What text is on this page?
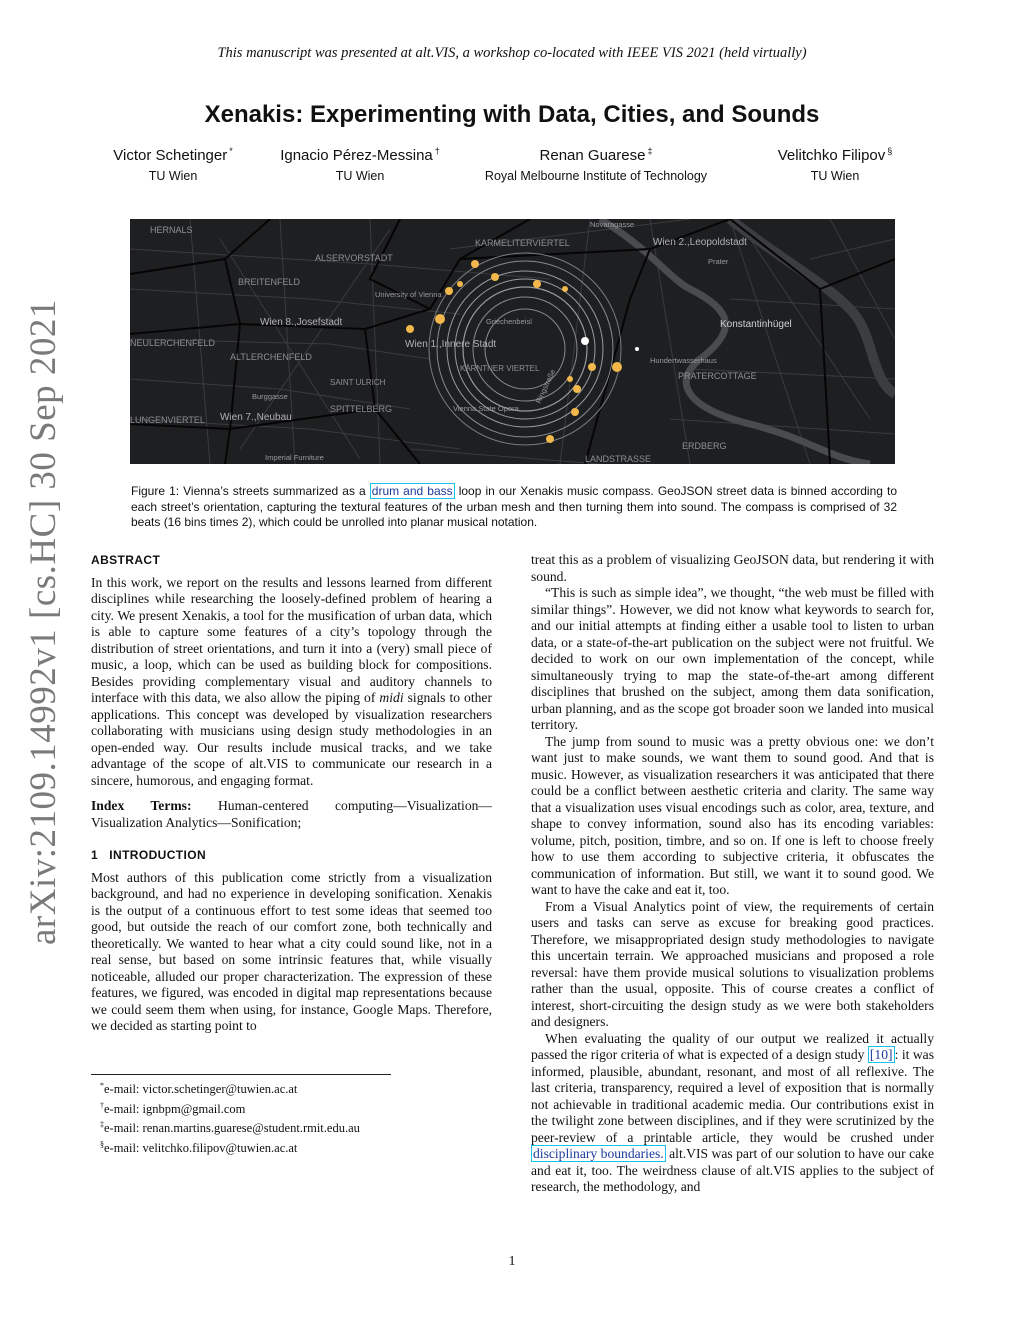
This manuscript was presented at alt.VIS, a workshop co-located with IEEE VIS 2021 (held virtually)
Xenakis: Experimenting with Data, Cities, and Sounds
Victor Schetinger *
TU Wien
Ignacio Pérez-Messina †
TU Wien
Renan Guarese ‡
Royal Melbourne Institute of Technology
Velitchko Filipov §
TU Wien
arXiv:2109.14992v1 [cs.HC] 30 Sep 2021
HERNALS
ALSERVORSTADT
KARMELITERVIERTEL
BREITENFELD
NEULERCHENFELD
ALTLERCHENFELD
SAINT ULRICH
SPITTELBERG
LUNGENVIERTEL
PRATERCOTTAGE
LANDSTRASSE
ERDBERG
KÄRNTNER VIERTEL
Wien 2.,Leopoldstadt
Wien 8.,Josefstadt
Wien 1.,Innere Stadt
Wien 7.,Neubau
Konstantinhügel
University of Vienna
Griechenbeisl
Vienna State Opera
Hundertwasserhaus
Prater
Burggasse
Imperial Furniture
Novaragasse
Ringstraße
Figure 1: Vienna’s streets summarized as a drum and bass loop in our Xenakis music compass. GeoJSON street data is binned according to each street’s orientation, capturing the textural features of the urban mesh and then turning them into sound. The compass is comprised of 32 beats (16 bins times 2), which could be unrolled into planar musical notation.

ABSTRACT

In this work, we report on the results and lessons learned from different disciplines while researching the loosely-defined problem of hearing a city. We present Xenakis, a tool for the musification of urban data, which is able to capture some features of a city’s topology through the distribution of street orientations, and turn it into a (very) small piece of music, a loop, which can be used as building block for compositions. Besides providing complementary visual and auditory channels to interface with this data, we also allow the piping of midi signals to other applications. This concept was developed by visualization researchers collaborating with musicians using design study methodologies in an open-ended way. Our results include musical tracks, and we take advantage of the scope of alt.VIS to communicate our research in a sincere, humorous, and engaging format.

Index Terms: Human-centered computing—Visualization—Visualization Analytics—Sonification;

1 INTRODUCTION

Most authors of this publication come strictly from a visualization background, and had no experience in developing sonification. Xenakis is the output of a continuous effort to test some ideas that seemed too good, but outside the reach of our comfort zone, both technically and theoretically. We wanted to hear what a city could sound like, not in a real sense, but based on some intrinsic features that, while visually noticeable, alluded our proper characterization. The expression of these features, we figured, was encoded in digital map representations because we could seem them when using, for instance, Google Maps. Therefore, we decided as starting point to

*e-mail: victor.schetinger@tuwien.ac.at
†e-mail: ignbpm@gmail.com
‡e-mail: renan.martins.guarese@student.rmit.edu.au
§e-mail: velitchko.filipov@tuwien.ac.at

treat this as a problem of visualizing GeoJSON data, but rendering it with sound.

“This is such as simple idea”, we thought, “the web must be filled with similar things”. However, we did not know what keywords to search for, and our initial attempts at finding either a usable tool to listen to urban data, or a state-of-the-art publication on the subject were not fruitful. We decided to work on our own implementation of the concept, while simultaneously trying to map the state-of-the-art among different disciplines that brushed on the subject, among them data sonification, urban planning, and as the scope got broader soon we landed into musical territory.

The jump from sound to music was a pretty obvious one: we don’t want just to make sounds, we want them to sound good. And that is music. However, as visualization researchers it was anticipated that there could be a conflict between aesthetic criteria and clarity. The same way that a visualization uses visual encodings such as color, area, texture, and shape to convey information, sound also has its encoding variables: volume, pitch, position, timbre, and so on. If one is left to choose freely how to use them according to subjective criteria, it obfuscates the communication of information. But still, we want it to sound good. We want to have the cake and eat it, too.

From a Visual Analytics point of view, the requirements of certain users and tasks can serve as excuse for breaking good practices. Therefore, we misappropriated design study methodologies to navigate this uncertain terrain. We approached musicians and proposed a role reversal: have them provide musical solutions to visualization problems rather than the usual, opposite. This of course creates a conflict of interest, short-circuiting the design study as we were both stakeholders and designers.

When evaluating the quality of our output we realized it actually passed the rigor criteria of what is expected of a design study [10] : it was informed, plausible, abundant, resonant, and most of all reflexive. The last criteria, transparency, required a level of exposition that is normally not achievable in traditional academic media. Our contributions exist in the twilight zone between disciplines, and if they were scrutinized by the peer-review of a printable article, they would be crushed under disciplinary boundaries. alt.VIS was part of our solution to have our cake and eat it, too. The weirdness clause of alt.VIS applies to the subject of research, the methodology, and

1
